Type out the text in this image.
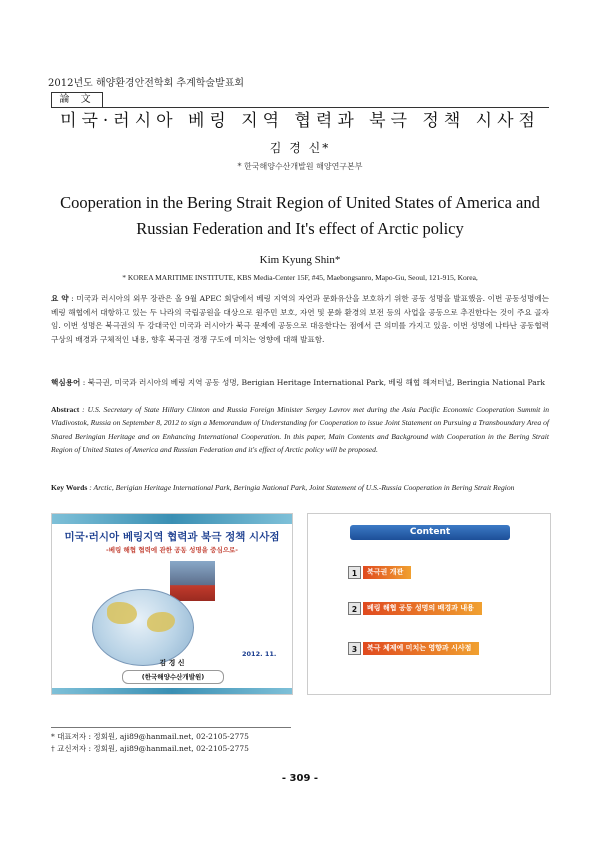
2012년도 해양환경안전학회 추계학술발표회
論 文
미국·러시아 베링 지역 협력과 북극 정책 시사점
김 경 신*
* 한국해양수산개발원 해양연구본부
Cooperation in the Bering Strait Region of United States of America and
Russian Federation and It's effect of Arctic policy
Kim Kyung Shin*
* KOREA MARITIME INSTITUTE, KBS Media-Center 15F, #45, Maebongsanro, Mapo-Gu, Seoul, 121-915, Korea,
요 약 : 미국과 러시아의 외무 장관은 올 9월 APEC 회담에서 베링 지역의 자연과 문화유산을 보호하기 위한 공동 성명을 발표했음. 이번 공동성명에는 베링 해협에서 대항하고 있는 두 나라의 국립공원을 대상으로 원주민 보호, 자연 및 문화 환경의 보전 등의 사업을 공동으로 추진한다는 것이 주요 골자임. 이번 성명은 북극권의 두 강대국인 미국과 러시아가 북극 문제에 공동으로 대응한다는 점에서 큰 의미를 가지고 있음. 이번 성명에 나타난 공동협력 구상의 배경과 구체적인 내용, 향후 북극권 경쟁 구도에 미치는 영향에 대해 발표함.
핵심용어 : 북극권, 미국과 러시아의 베링 지역 공동 성명, Berigian Heritage International Park, 베링 해협 해저터널, Beringia National Park
Abstract : U.S. Secretary of State Hillary Clinton and Russia Foreign Minister Sergey Lavrov met during the Asia Pacific Economic Cooperation Summit in Vladivostok, Russia on September 8, 2012 to sign a Memorandum of Understanding for Cooperation to issue Joint Statement on Pursuing a Transboundary Area of Shared Beringian Heritage and on Enhancing International Cooperation. In this paper, Main Contents and Background with Cooperation in the Bering Strait Region of United States of America and Russian Federation and it's effect of Arctic policy will be proposed.
Key Words : Arctic, Berigian Heritage International Park, Beringia National Park, Joint Statement of U.S.-Russia Cooperation in Bering Strait Region
미국·러시아 베링지역 협력과 북극 정책 시사점
-베링 해협 협력에 관한 공동 성명을 중심으로-
2012. 11.
김 경 신
(한국해양수산개발원)
Content
1	북극권 개관
2	베링 해협 공동 성명의 배경과 내용
3	북극 체제에 미치는 영향과 시사점
* 대표저자 : 정회원, aji89@hanmail.net, 02-2105-2775
† 교신저자 : 정회원, aji89@hanmail.net, 02-2105-2775
- 309 -
